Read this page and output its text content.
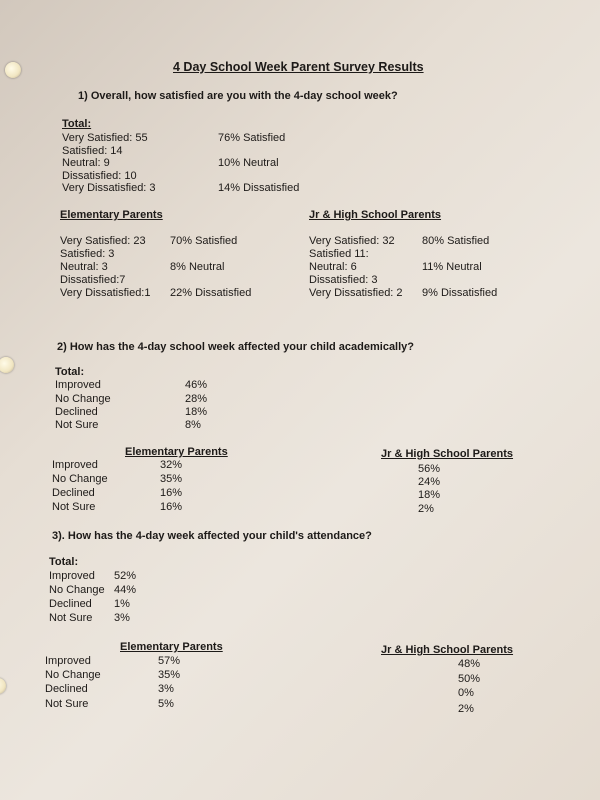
4 Day School Week Parent Survey Results
1) Overall, how satisfied are you with the 4-day school week?
Total:
Very Satisfied: 55
Satisfied: 14
Neutral: 9
Dissatisfied: 10
Very Dissatisfied: 3
76% Satisfied
10% Neutral
14% Dissatisfied
Elementary Parents
Very Satisfied: 23
Satisfied: 3
Neutral: 3
Dissatisfied:7
Very Dissatisfied:1
70% Satisfied
8% Neutral
22% Dissatisfied
Jr & High School Parents
Very Satisfied: 32
Satisfied 11:
Neutral: 6
Dissatisfied: 3
Very Dissatisfied: 2
80% Satisfied
11% Neutral
9% Dissatisfied
2) How has the 4-day school week affected your child academically?
Total:
Improved
No Change
Declined
Not Sure
46%
28%
18%
8%
Elementary Parents
Improved
No Change
Declined
Not Sure
32%
35%
16%
16%
Jr & High School Parents
56%
24%
18%
2%
3). How has the 4-day week affected your child's attendance?
Total:
Improved
No Change
Declined
Not Sure
52%
44%
1%
3%
Elementary Parents
Improved
No Change
Declined
Not Sure
57%
35%
3%
5%
Jr & High School Parents
48%
50%
0%
2%
